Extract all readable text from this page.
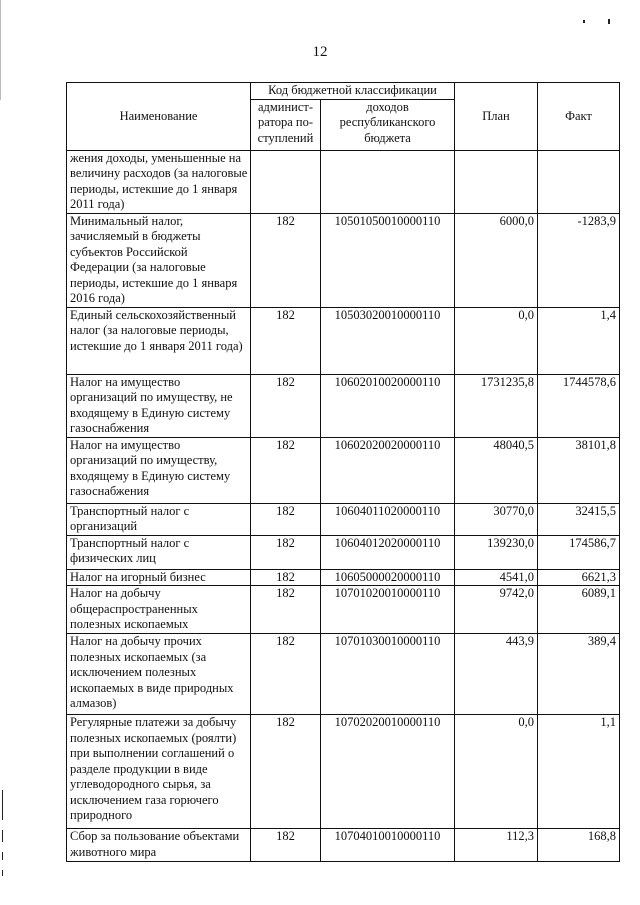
12
Наименование	Код бюджетной классификации		План	Факт
	админист-ратора по-ступлений	доходов республиканского бюджета		
жения доходы, уменьшенные на величину расходов (за налоговые периоды, истекшие до 1 января 2011 года)				
Минимальный налог, зачисляемый в бюджеты субъектов Российской Федерации (за налоговые периоды, истекшие до 1 января 2016 года)	182	10501050010000110	6000,0	-1283,9
Единый сельскохозяйственный налог (за налоговые периоды, истекшие до 1 января 2011 года)	182	10503020010000110	0,0	1,4
Налог на имущество организаций по имуществу, не входящему в Единую систему газоснабжения	182	10602010020000110	1731235,8	1744578,6
Налог на имущество организаций по имуществу, входящему в Единую систему газоснабжения	182	10602020020000110	48040,5	38101,8
Транспортный налог с организаций	182	10604011020000110	30770,0	32415,5
Транспортный налог с физических лиц	182	10604012020000110	139230,0	174586,7
Налог на игорный бизнес	182	10605000020000110	4541,0	6621,3
Налог на добычу общераспространенных полезных ископаемых	182	10701020010000110	9742,0	6089,1
Налог на добычу прочих полезных ископаемых (за исключением полезных ископаемых в виде природных алмазов)	182	10701030010000110	443,9	389,4
Регулярные платежи за добычу полезных ископаемых (роялти) при выполнении соглашений о разделе продукции в виде углеводородного сырья, за исключением газа горючего природного	182	10702020010000110	0,0	1,1
Сбор за пользование объектами животного мира	182	10704010010000110	112,3	168,8
